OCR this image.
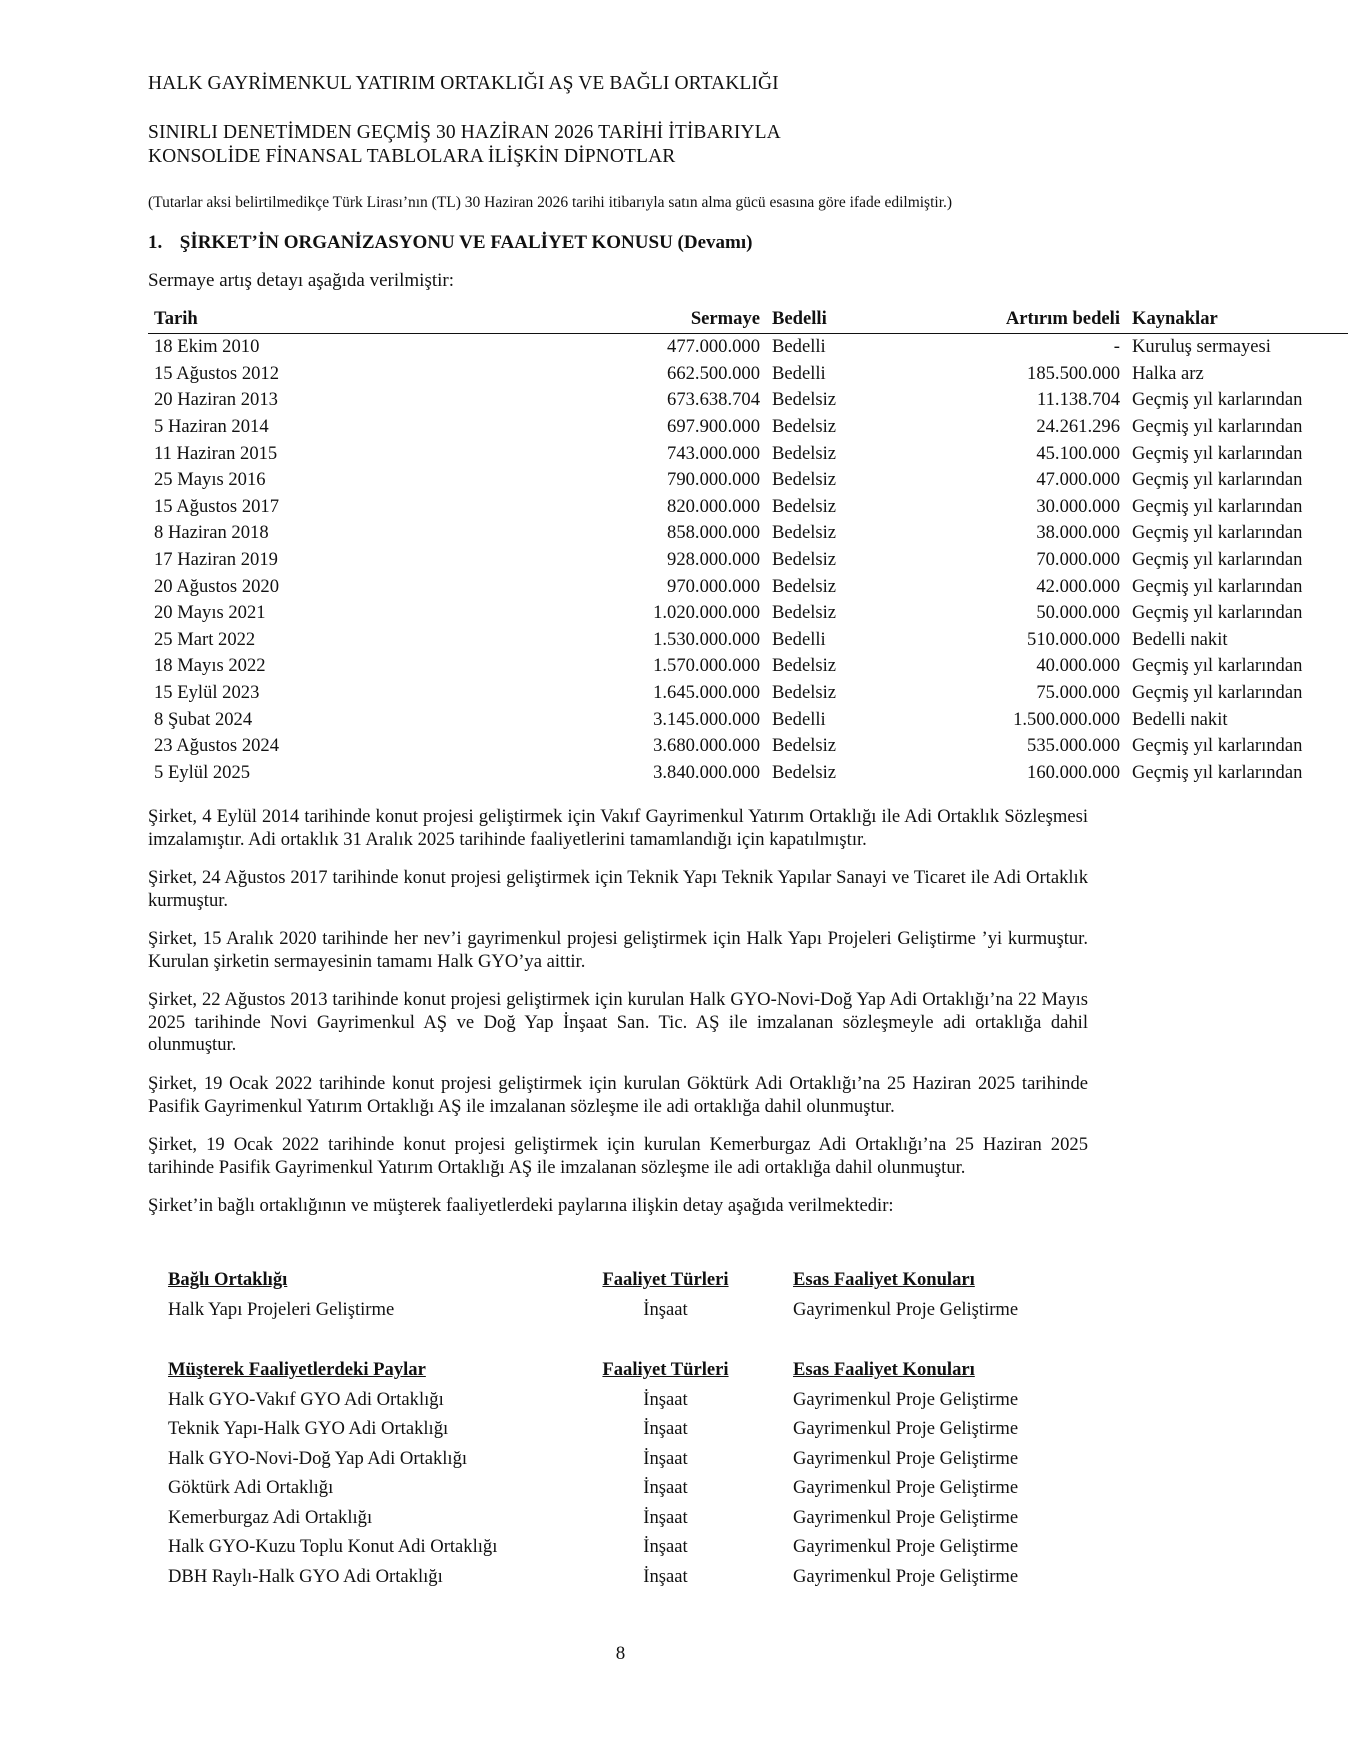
HALK GAYRİMENKUL YATIRIM ORTAKLIĞI AŞ VE BAĞLI ORTAKLIĞI
SINIRLI DENETİMDEN GEÇMİŞ 30 HAZİRAN 2026 TARİHİ İTİBARIYLA
KONSOLİDE FİNANSAL TABLOLARA İLİŞKİN DİPNOTLAR
(Tutarlar aksi belirtilmedikçe Türk Lirası’nın (TL) 30 Haziran 2026 tarihi itibarıyla satın alma gücü esasına göre ifade edilmiştir.)
1. ŞİRKET’İN ORGANİZASYONU VE FAALİYET KONUSU (Devamı)
Sermaye artış detayı aşağıda verilmiştir:
Tarih	Sermaye	Bedelli	Artırım bedeli	Kaynaklar
18 Ekim 2010	477.000.000	Bedelli	-	Kuruluş sermayesi
15 Ağustos 2012	662.500.000	Bedelli	185.500.000	Halka arz
20 Haziran 2013	673.638.704	Bedelsiz	11.138.704	Geçmiş yıl karlarından
5 Haziran 2014	697.900.000	Bedelsiz	24.261.296	Geçmiş yıl karlarından
11 Haziran 2015	743.000.000	Bedelsiz	45.100.000	Geçmiş yıl karlarından
25 Mayıs 2016	790.000.000	Bedelsiz	47.000.000	Geçmiş yıl karlarından
15 Ağustos 2017	820.000.000	Bedelsiz	30.000.000	Geçmiş yıl karlarından
8 Haziran 2018	858.000.000	Bedelsiz	38.000.000	Geçmiş yıl karlarından
17 Haziran 2019	928.000.000	Bedelsiz	70.000.000	Geçmiş yıl karlarından
20 Ağustos 2020	970.000.000	Bedelsiz	42.000.000	Geçmiş yıl karlarından
20 Mayıs 2021	1.020.000.000	Bedelsiz	50.000.000	Geçmiş yıl karlarından
25 Mart 2022	1.530.000.000	Bedelli	510.000.000	Bedelli nakit
18 Mayıs 2022	1.570.000.000	Bedelsiz	40.000.000	Geçmiş yıl karlarından
15 Eylül 2023	1.645.000.000	Bedelsiz	75.000.000	Geçmiş yıl karlarından
8 Şubat 2024	3.145.000.000	Bedelli	1.500.000.000	Bedelli nakit
23 Ağustos 2024	3.680.000.000	Bedelsiz	535.000.000	Geçmiş yıl karlarından
5 Eylül 2025	3.840.000.000	Bedelsiz	160.000.000	Geçmiş yıl karlarından
Şirket, 4 Eylül 2014 tarihinde konut projesi geliştirmek için Vakıf Gayrimenkul Yatırım Ortaklığı ile Adi Ortaklık Sözleşmesi imzalamıştır. Adi ortaklık 31 Aralık 2025 tarihinde faaliyetlerini tamamlandığı için kapatılmıştır.
Şirket, 24 Ağustos 2017 tarihinde konut projesi geliştirmek için Teknik Yapı Teknik Yapılar Sanayi ve Ticaret ile Adi Ortaklık kurmuştur.
Şirket, 15 Aralık 2020 tarihinde her nev’i gayrimenkul projesi geliştirmek için Halk Yapı Projeleri Geliştirme ’yi kurmuştur. Kurulan şirketin sermayesinin tamamı Halk GYO’ya aittir.
Şirket, 22 Ağustos 2013 tarihinde konut projesi geliştirmek için kurulan Halk GYO-Novi-Doğ Yap Adi Ortaklığı’na 22 Mayıs 2025 tarihinde Novi Gayrimenkul AŞ ve Doğ Yap İnşaat San. Tic. AŞ ile imzalanan sözleşmeyle adi ortaklığa dahil olunmuştur.
Şirket, 19 Ocak 2022 tarihinde konut projesi geliştirmek için kurulan Göktürk Adi Ortaklığı’na 25 Haziran 2025 tarihinde Pasifik Gayrimenkul Yatırım Ortaklığı AŞ ile imzalanan sözleşme ile adi ortaklığa dahil olunmuştur.
Şirket, 19 Ocak 2022 tarihinde konut projesi geliştirmek için kurulan Kemerburgaz Adi Ortaklığı’na 25 Haziran 2025 tarihinde Pasifik Gayrimenkul Yatırım Ortaklığı AŞ ile imzalanan sözleşme ile adi ortaklığa dahil olunmuştur.
Şirket’in bağlı ortaklığının ve müşterek faaliyetlerdeki paylarına ilişkin detay aşağıda verilmektedir:
Bağlı Ortaklığı	Faaliyet Türleri	Esas Faaliyet Konuları
Halk Yapı Projeleri Geliştirme	İnşaat	Gayrimenkul Proje Geliştirme
Müşterek Faaliyetlerdeki Paylar	Faaliyet Türleri	Esas Faaliyet Konuları
Halk GYO-Vakıf GYO Adi Ortaklığı	İnşaat	Gayrimenkul Proje Geliştirme
Teknik Yapı-Halk GYO Adi Ortaklığı	İnşaat	Gayrimenkul Proje Geliştirme
Halk GYO-Novi-Doğ Yap Adi Ortaklığı	İnşaat	Gayrimenkul Proje Geliştirme
Göktürk Adi Ortaklığı	İnşaat	Gayrimenkul Proje Geliştirme
Kemerburgaz Adi Ortaklığı	İnşaat	Gayrimenkul Proje Geliştirme
Halk GYO-Kuzu Toplu Konut Adi Ortaklığı	İnşaat	Gayrimenkul Proje Geliştirme
DBH Raylı-Halk GYO Adi Ortaklığı	İnşaat	Gayrimenkul Proje Geliştirme
8
